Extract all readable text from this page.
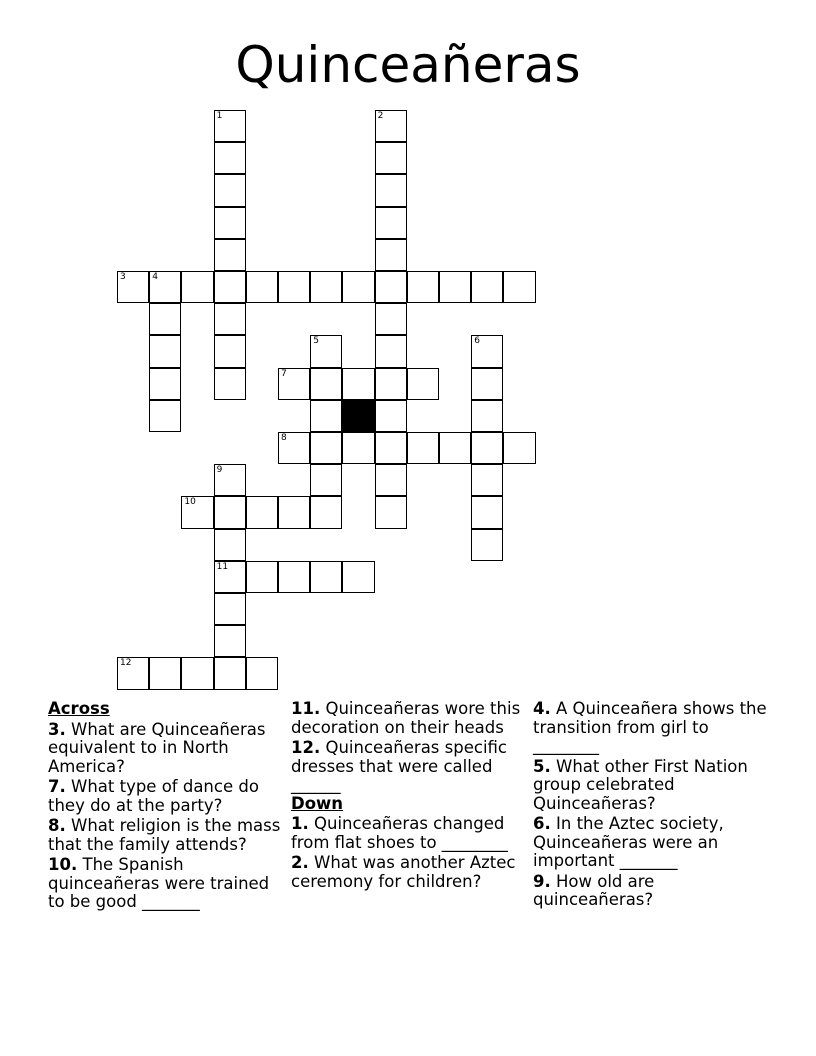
Quinceañeras
1	2
3	4
5	6
7
8
9
11
10
12
Across
3. What are Quinceañeras equivalent to in North America?
7. What type of dance do they do at the party?
8. What religion is the mass that the family attends?
10. The Spanish quinceañeras were trained to be good _______
11. Quinceañeras wore this decoration on their heads
12. Quinceañeras specific dresses that were called ______
Down
1. Quinceañeras changed from flat shoes to ________
2. What was another Aztec ceremony for children?
4. A Quinceañera shows the transition from girl to ________
5. What other First Nation group celebrated Quinceañeras?
6. In the Aztec society, Quinceañeras were an important _______
9. How old are quinceañeras?
